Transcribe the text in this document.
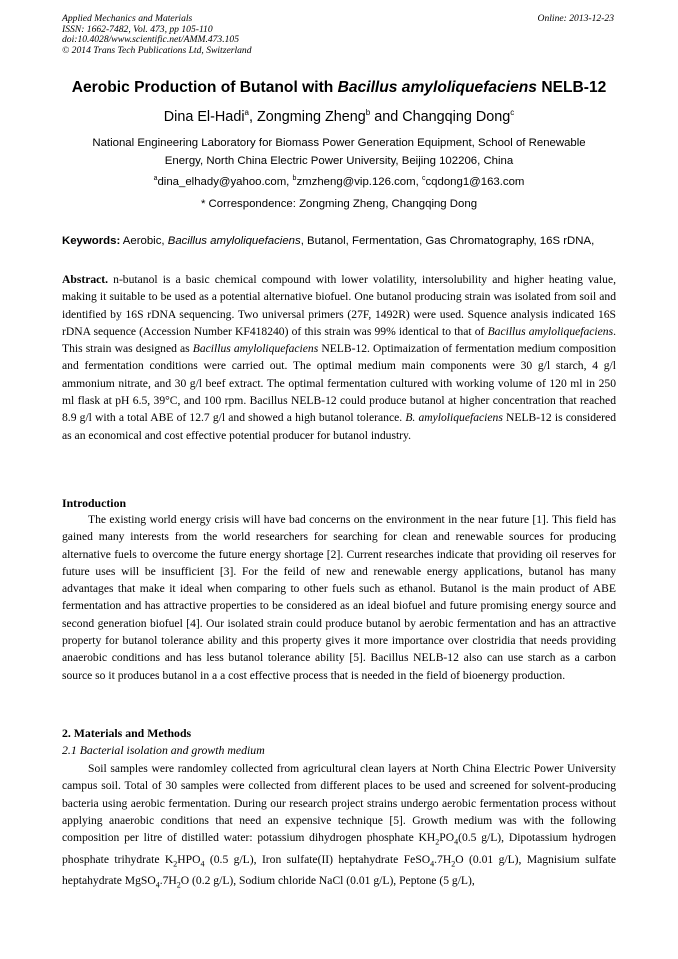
Applied Mechanics and Materials
ISSN: 1662-7482, Vol. 473, pp 105-110
doi:10.4028/www.scientific.net/AMM.473.105
© 2014 Trans Tech Publications Ltd, Switzerland
Online: 2013-12-23
Aerobic Production of Butanol with Bacillus amyloliquefaciens NELB-12
Dina El-Hadi$^a$, Zongming Zheng$^b$ and Changqing Dong$^c$
National Engineering Laboratory for Biomass Power Generation Equipment, School of Renewable
Energy, North China Electric Power University, Beijing 102206, China
$^a$dina_elhady@yahoo.com, $^b$zmzheng@vip.126.com, $^c$cqdong1@163.com
* Correspondence: Zongming Zheng, Changqing Dong
Keywords: Aerobic, Bacillus amyloliquefaciens, Butanol, Fermentation, Gas Chromatography, 16S rDNA,
Abstract. n-butanol is a basic chemical compound with lower volatility, intersolubility and higher heating value, making it suitable to be used as a potential alternative biofuel. One butanol producing strain was isolated from soil and identified by 16S rDNA sequencing. Two universal primers (27F, 1492R) were used. Squence analysis indicated 16S rDNA sequence (Accession Number KF418240) of this strain was 99% identical to that of Bacillus amyloliquefaciens. This strain was designed as Bacillus amyloliquefaciens NELB-12. Optimaization of fermentation medium composition and fermentation conditions were carried out. The optimal medium main components were 30 g/l starch, 4 g/l ammonium nitrate, and 30 g/l beef extract. The optimal fermentation cultured with working volume of 120 ml in 250 ml flask at pH 6.5, 39°C, and 100 rpm. Bacillus NELB-12 could produce butanol at higher concentration that reached 8.9 g/l with a total ABE of 12.7 g/l and showed a high butanol tolerance. B. amyloliquefaciens NELB-12 is considered as an economical and cost effective potential producer for butanol industry.
Introduction
The existing world energy crisis will have bad concerns on the environment in the near future [1]. This field has gained many interests from the world researchers for searching for clean and renewable sources for producing alternative fuels to overcome the future energy shortage [2]. Current researches indicate that providing oil reserves for future uses will be insufficient [3]. For the feild of new and renewable energy applications, butanol has many advantages that make it ideal when comparing to other fuels such as ethanol. Butanol is the main product of ABE fermentation and has attractive properties to be considered as an ideal biofuel and future promising energy source and second generation biofuel [4]. Our isolated strain could produce butanol by aerobic fermentation and has an attractive property for butanol tolerance ability and this property gives it more importance over clostridia that needs providing anaerobic conditions and has less butanol tolerance ability [5]. Bacillus NELB-12 also can use starch as a carbon source so it produces butanol in a a cost effective process that is needed in the field of bioenergy production.
2. Materials and Methods
2.1 Bacterial isolation and growth medium
Soil samples were randomley collected from agricultural clean layers at North China Electric Power University campus soil. Total of 30 samples were collected from different places to be used and screened for solvent-producing bacteria using aerobic fermentation. During our research project strains undergo aerobic fermentation process without applying anaerobic conditions that need an expensive technique [5]. Growth medium was with the following composition per litre of distilled water: potassium dihydrogen phosphate $KH_2PO_4(0.5$ g/L), Dipotassium hydrogen phosphate trihydrate $K_2HPO_4$ (0.5 g/L), Iron sulfate(II) heptahydrate $FeSO_4.7H_2O$ (0.01 g/L), Magnisium sulfate heptahydrate $MgSO_4.7H_2O$ (0.2 g/L), Sodium chloride NaCl (0.01 g/L), Peptone (5 g/L),
